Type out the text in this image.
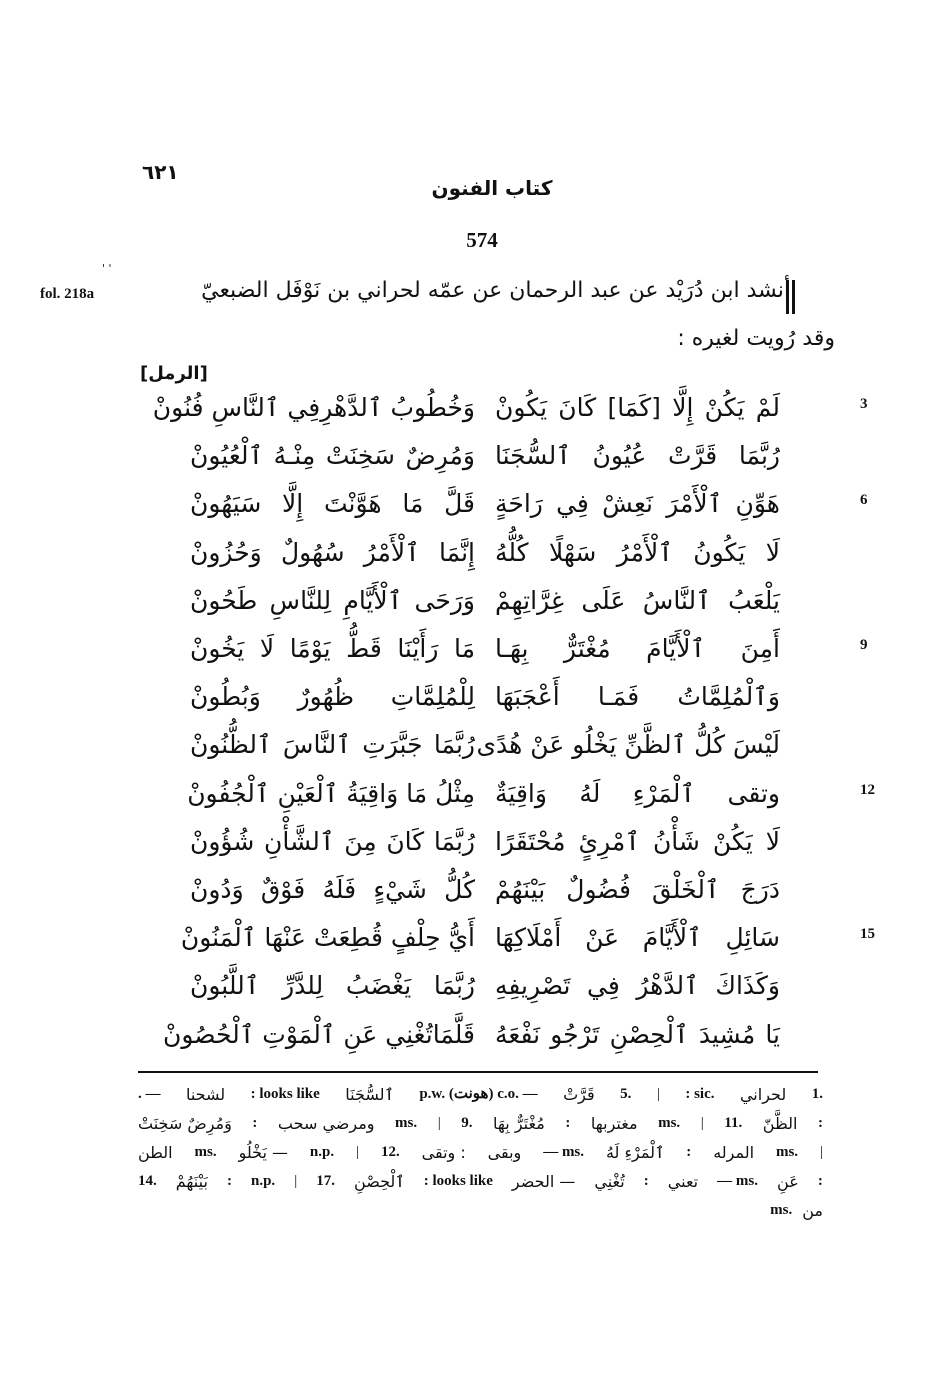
٦٢١
كتاب الفنون
574
' '
fol. 218a	أنشد ابن دُرَيْد عن عبد الرحمان عن عمّه لحراني بن نَوْفَل الضبعيّ
وقد رُويت لغيره :
[الرمل]
3
لَمْ يَكُنْ إِلَّا [كَمَا] كَانَ يَكُونْ
وَخُطُوبُ ٱلدَّهْرِفِي ٱلنَّاسِ فُنُونْ
رُبَّمَا قَرَّتْ عُيُونُ ٱلسُّجَنَا
وَمُرِضٌ سَخِنَتْ مِنْـهُ ٱلْعُيُونْ
6
هَوِّنِ ٱلْأَمْرَ نَعِشْ فِي رَاحَةٍ
قَلَّ مَا هَوَّنْتَ إِلَّا سَيَهُونْ
لَا يَكُونُ ٱلْأَمْرُ سَهْلًا كُلُّهُ
إِنَّمَا ٱلْأَمْرُ سُهُولٌ وَحُزُونْ
يَلْعَبُ ٱلنَّاسُ عَلَى غِرَّاتِهِمْ
وَرَحَى ٱلْأَيَّامِ لِلنَّاسِ طَحُونْ
9
أَمِنَ ٱلْأَيَّامَ مُغْتَرٌّ بِهَـا
مَا رَأَيْنَا قَطُّ يَوْمًا لَا يَخُونْ
وَٱلْمُلِمَّاتُ فَمَـا أَعْجَبَهَا
لِلْمُلِمَّاتِ ظُهُورٌ وَبُطُونْ
لَيْسَ كُلُّ ٱلظَّنِّ يَخْلُو عَنْ هُدًى
رُبَّمَا جَبَّرَتِ ٱلنَّاسَ ٱلظُّنُونْ
12
وتقى ٱلْمَرْءِ لَهُ وَاقِيَةٌ
مِثْلُ مَا وَاقِيَةُ ٱلْعَيْنِ ٱلْجُفُونْ
لَا يَكُنْ شَأْنُ ٱمْرِئٍ مُحْتَقَرًا
رُبَّمَا كَانَ مِنَ ٱلشَّأْنِ شُؤُونْ
دَرَجَ ٱلْخَلْقَ فُضُولٌ بَيْنَهُمْ
كُلُّ شَيْءٍ فَلَهُ فَوْقٌ وَدُونْ
15
سَائِلِ ٱلْأَيَّامَ عَنْ أَمْلَاكِهَا
أَيُّ حِلْفٍ قُطِعَتْ عَنْهَا ٱلْمَنُونْ
وَكَذَاكَ ٱلدَّهْرُ فِي تَصْرِيفِهِ
رُبَّمَا يَغْضَبُ لِلدَّرِّ ٱللَّبُونْ
يَا مُشِيدَ ٱلْحِصْنِ تَرْجُو نَفْعَهُ
قَلَّمَاتُغْنِي عَنِ ٱلْمَوْتِ ٱلْحُصُونْ
1.
لحراني
: sic.
|
5.
قَرَّتْ
p.w. (هونت) c.o. —
ٱلسُّجَنَا
: looks like
لشحنا
. —
:
الظَّنّ
11.
|
ms.
مغتربها
:
مُغْتَرٌّ بِهَا
9.
|
ms.
ومرضي سحب
:
وَمُرِضٌ سَخِنَتْ
|
ms.
المرله
:
ٱلْمَرْءِ لَهُ
— ms.
وبقى
: وتقى
12.
|
n.p.
— يَخْلُو
ms.
الطن
:
عَنِ
— ms.
تعني
:
تُغْنِي
— الحضر
: looks like
ٱلْحِصْنِ
17.
|
n.p.
:
بَيْنَهُمْ
14.
من
ms.
